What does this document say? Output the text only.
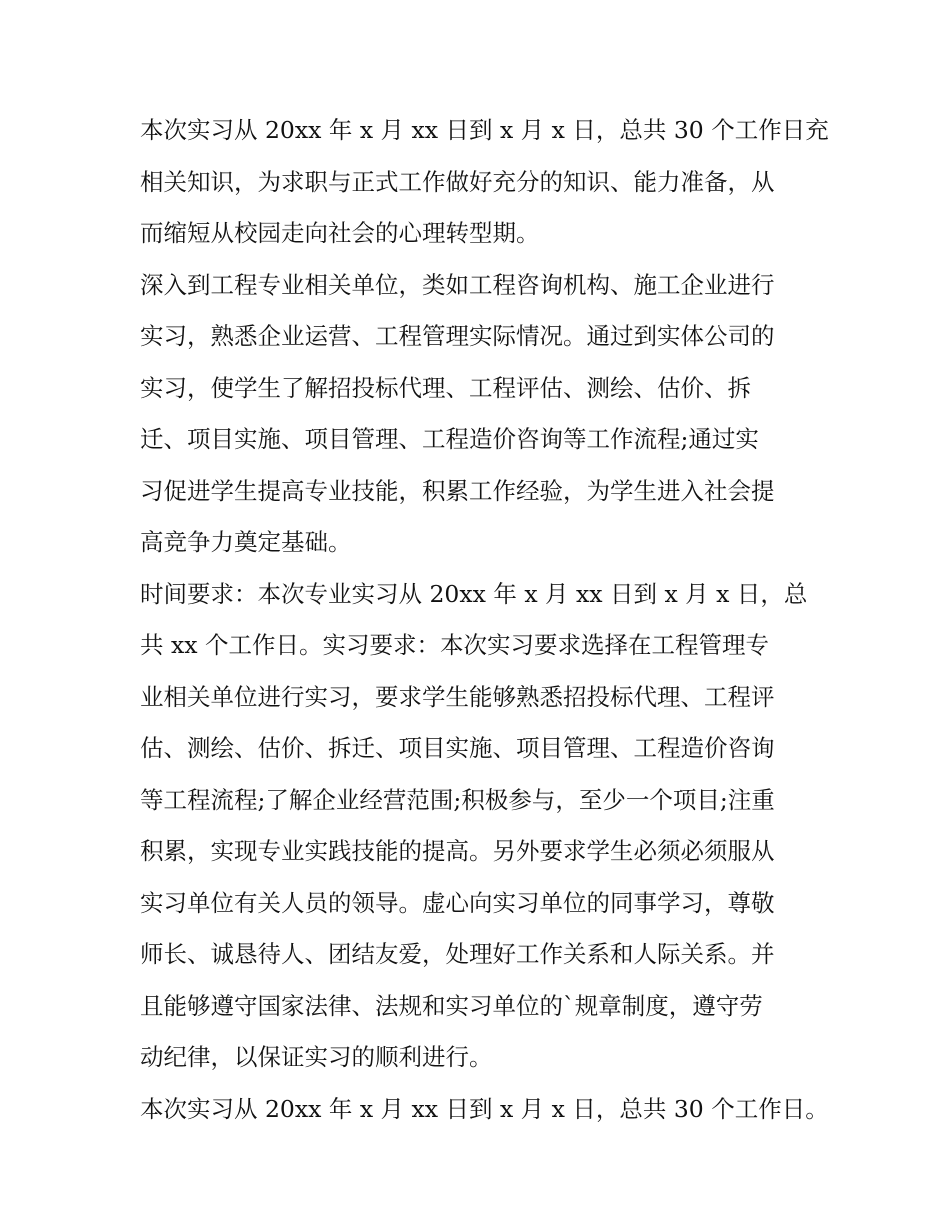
本次实习从 20xx 年 x 月 xx 日到 x 月 x 日，总共 30 个工作日充
相关知识，为求职与正式工作做好充分的知识、能力准备，从
而缩短从校园走向社会的心理转型期。
深入到工程专业相关单位，类如工程咨询机构、施工企业进行
实习，熟悉企业运营、工程管理实际情况。通过到实体公司的
实习，使学生了解招投标代理、工程评估、测绘、估价、拆
迁、项目实施、项目管理、工程造价咨询等工作流程;通过实
习促进学生提高专业技能，积累工作经验，为学生进入社会提
高竞争力奠定基础。
时间要求：本次专业实习从 20xx 年 x 月 xx 日到 x 月 x 日，总
共 xx 个工作日。实习要求：本次实习要求选择在工程管理专
业相关单位进行实习，要求学生能够熟悉招投标代理、工程评
估、测绘、估价、拆迁、项目实施、项目管理、工程造价咨询
等工程流程;了解企业经营范围;积极参与，至少一个项目;注重
积累，实现专业实践技能的提高。另外要求学生必须必须服从
实习单位有关人员的领导。虚心向实习单位的同事学习，尊敬
师长、诚恳待人、团结友爱，处理好工作关系和人际关系。并
且能够遵守国家法律、法规和实习单位的`规章制度，遵守劳
动纪律，以保证实习的顺利进行。
本次实习从 20xx 年 x 月 xx 日到 x 月 x 日，总共 30 个工作日。
